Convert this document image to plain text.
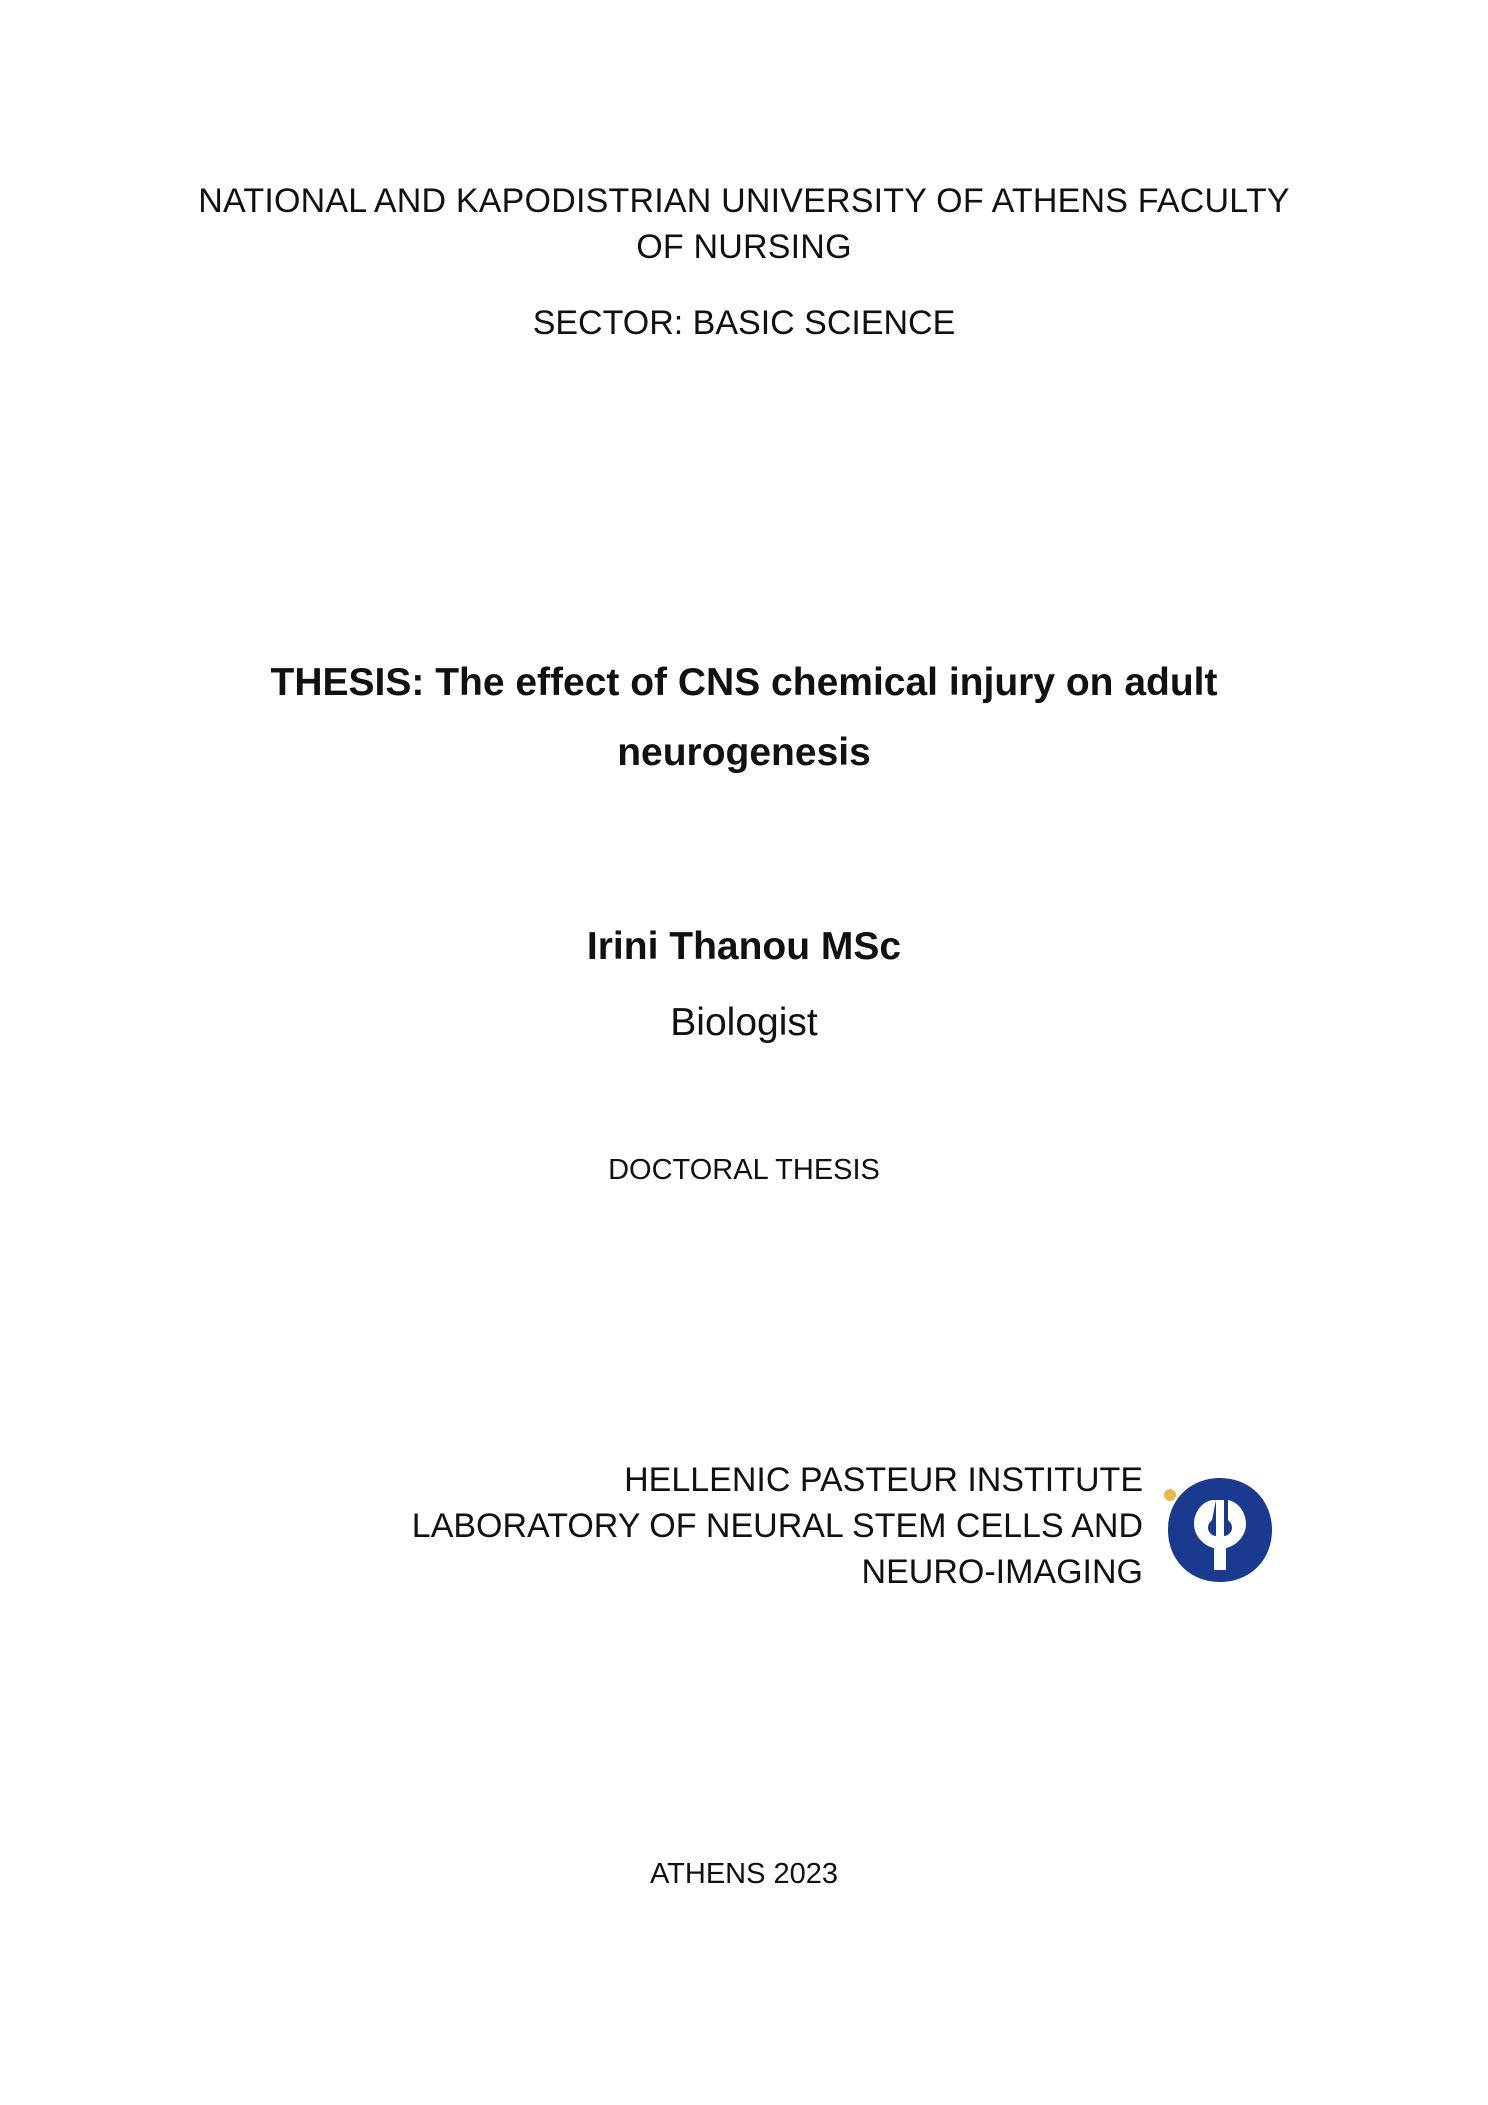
NATIONAL AND KAPODISTRIAN UNIVERSITY OF ATHENS FACULTY
OF NURSING
SECTOR: BASIC SCIENCE
THESIS: The effect of CNS chemical injury on adult
neurogenesis
Irini Thanou MSc
Biologist
DOCTORAL THESIS
HELLENIC PASTEUR INSTITUTE
LABORATORY OF NEURAL STEM CELLS AND
NEURO-IMAGING
ATHENS 2023
